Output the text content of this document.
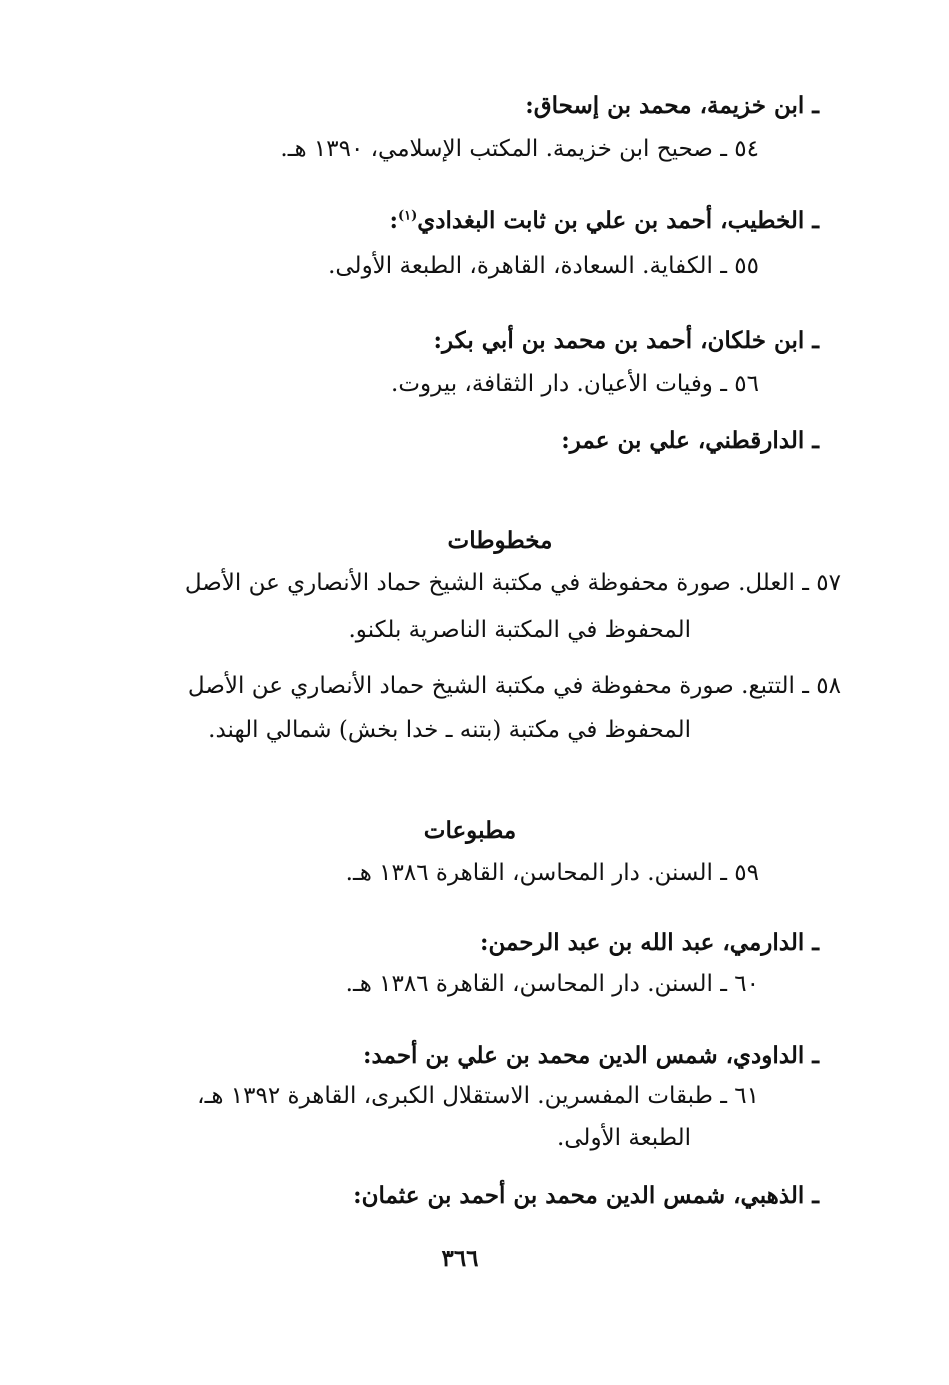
ـ ابن خزيمة، محمد بن إسحاق:
٥٤ ـ صحيح ابن خزيمة. المكتب الإسلامي، ١٣٩٠ هـ.
ـ الخطيب، أحمد بن علي بن ثابت البغدادي$^{(١)}$:
٥٥ ـ الكفاية. السعادة، القاهرة، الطبعة الأولى.
ـ ابن خلكان، أحمد بن محمد بن أبي بكر:
٥٦ ـ وفيات الأعيان. دار الثقافة، بيروت.
ـ الدارقطني، علي بن عمر:
مخطوطات
٥٧ ـ العلل. صورة محفوظة في مكتبة الشيخ حماد الأنصاري عن الأصل
المحفوظ في المكتبة الناصرية بلكنو.
٥٨ ـ التتبع. صورة محفوظة في مكتبة الشيخ حماد الأنصاري عن الأصل
المحفوظ في مكتبة (بتنه ـ خدا بخش) شمالي الهند.
مطبوعات
٥٩ ـ السنن. دار المحاسن، القاهرة ١٣٨٦ هـ.
ـ الدارمي، عبد الله بن عبد الرحمن:
٦٠ ـ السنن. دار المحاسن، القاهرة ١٣٨٦ هـ.
ـ الداودي، شمس الدين محمد بن علي بن أحمد:
٦١ ـ طبقات المفسرين. الاستقلال الكبرى، القاهرة ١٣٩٢ هـ،
الطبعة الأولى.
ـ الذهبي، شمس الدين محمد بن أحمد بن عثمان:
٣٦٦
